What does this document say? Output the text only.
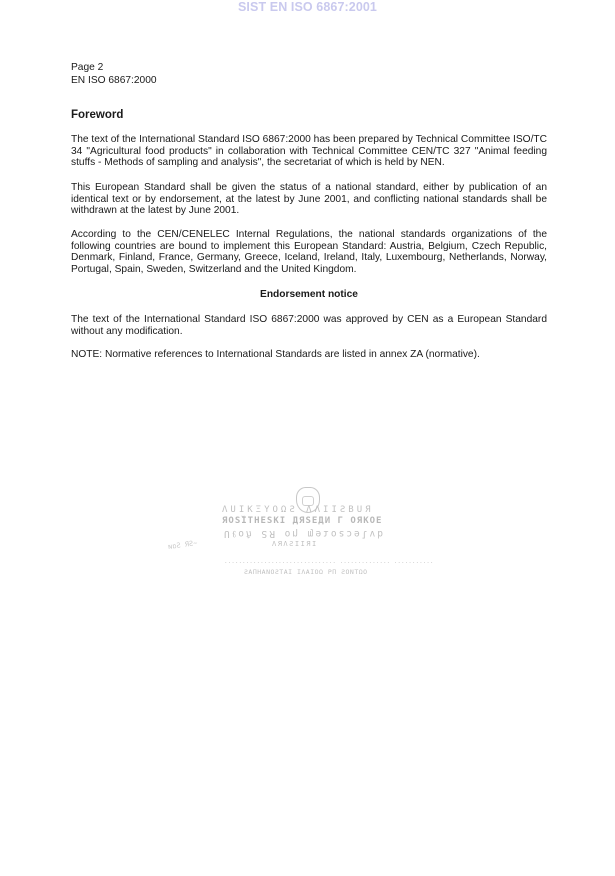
SIST EN ISO 6867:2001

Page 2

EN ISO 6867:2000

Foreword

The text of the International Standard ISO 6867:2000 has been prepared by Technical Committee ISO/TC 34 "Agricultural food products" in collaboration with Technical Committee CEN/TC 327 "Animal feeding stuffs - Methods of sampling and analysis", the secretariat of which is held by NEN.

This European Standard shall be given the status of a national standard, either by publication of an identical text or by endorsement, at the latest by June 2001, and conflicting national standards shall be withdrawn at the latest by June 2001.

According to the CEN/CENELEC Internal Regulations, the national standards organizations of the following countries are bound to implement this European Standard: Austria, Belgium, Czech Republic, Denmark, Finland, France, Germany, Greece, Iceland, Ireland, Italy, Luxembourg, Netherlands, Norway, Portugal, Spain, Sweden, Switzerland and the United Kingdom.

Endorsement notice

The text of the International Standard ISO 6867:2000 was approved by CEN as a European Standard without any modification.

NOTE: Normative references to International Standards are listed in annex ZA (normative).

ΛUΙΚΞΥΟΩƧ ΛΛΙΙƧΒUЯ
ЯОЅ̌ІТНЕЅКІ ДЯЅЕДИ Г ОЯКОЕ
Uℓoℏ ƧЯ oƞ ɱɘɿoƨɔɘlvb
ΛЯΛƧΙΙЯΙ
............................... .............. ...........
ƧΑΠΗΑΝΟƧΤΑΙ ΙΛΑΙΟΩ ΡΠ ƧΟΝΤΩΟ
ɴɒƧ ЯƧ~
